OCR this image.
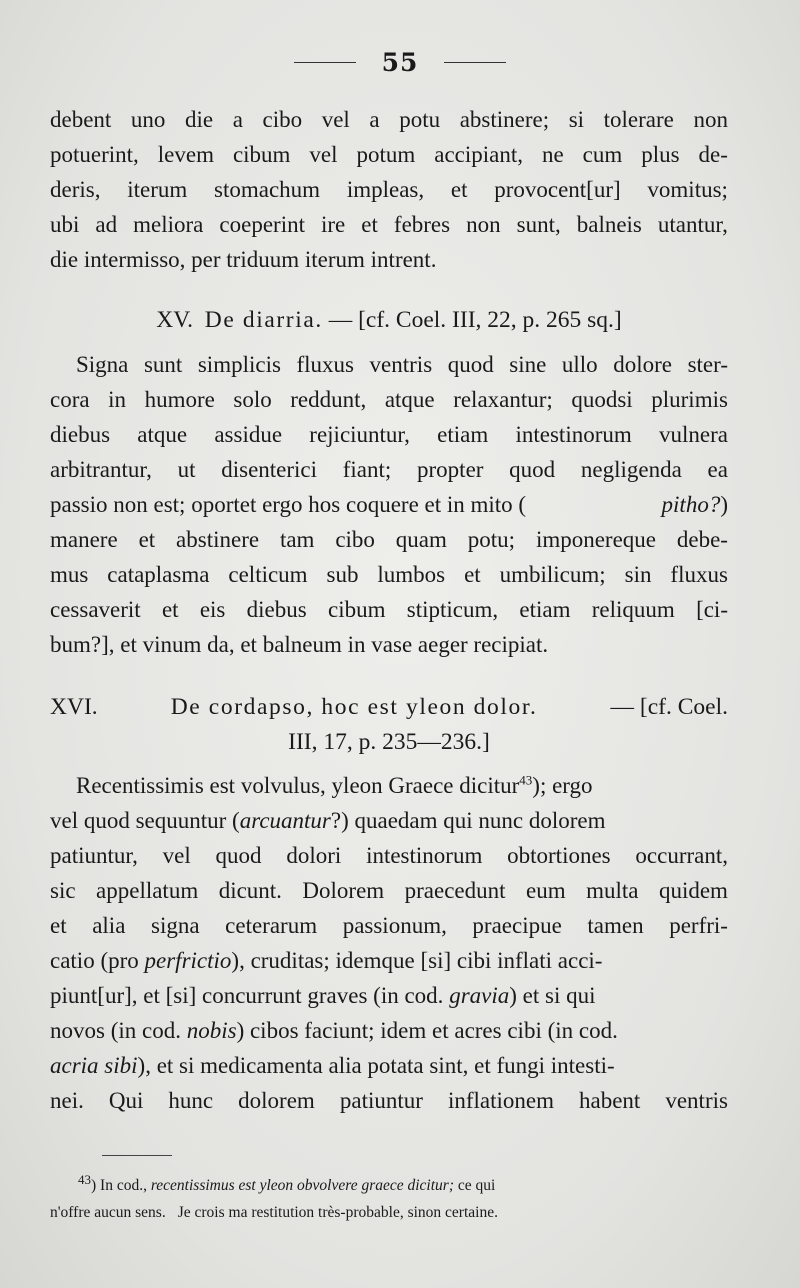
55
debent uno die a cibo vel a potu abstinere; si tolerare non
potuerint, levem cibum vel potum accipiant, ne cum plus de-
deris, iterum stomachum impleas, et provocent[ur] vomitus;
ubi ad meliora coeperint ire et febres non sunt, balneis utantur,
die intermisso, per triduum iterum intrent.
XV.
De diarria.
— [cf. Coel. III, 22, p. 265 sq.]
Signa sunt simplicis fluxus ventris quod sine ullo dolore ster-
cora in humore solo reddunt, atque relaxantur; quodsi plurimis
diebus atque assidue rejiciuntur, etiam intestinorum vulnera
arbitrantur, ut disenterici fiant; propter quod negligenda ea
passio non est; oportet ergo hos coquere et in mito (	pitho?)
manere et abstinere tam cibo quam potu; imponereque debe-
mus cataplasma celticum sub lumbos et umbilicum; sin fluxus
cessaverit et eis diebus cibum stipticum, etiam reliquum [ci-
bum?], et vinum da, et balneum in vase aeger recipiat.
XVI.	De cordapso, hoc est yleon dolor.	— [cf. Coel.
III, 17, p. 235—236.]
Recentissimis est volvulus, yleon Graece dicitur$^{43}$); ergo
vel quod sequuntur (arcuantur?) quaedam qui nunc dolorem
patiuntur, vel quod dolori intestinorum obtortiones occurrant,
sic appellatum dicunt. Dolorem praecedunt eum multa quidem
et alia signa ceterarum passionum, praecipue tamen perfri-
catio (pro perfrictio), cruditas; idemque [si] cibi inflati acci-
piunt[ur], et [si] concurrunt graves (in cod. gravia) et si qui
novos (in cod. nobis) cibos faciunt; idem et acres cibi (in cod.
acria sibi), et si medicamenta alia potata sint, et fungi intesti-
nei. Qui hunc dolorem patiuntur inflationem habent ventris
$^{43}$) In cod., recentissimus est yleon obvolvere graece dicitur; ce qui
n'offre aucun sens. Je crois ma restitution très-probable, sinon certaine.
